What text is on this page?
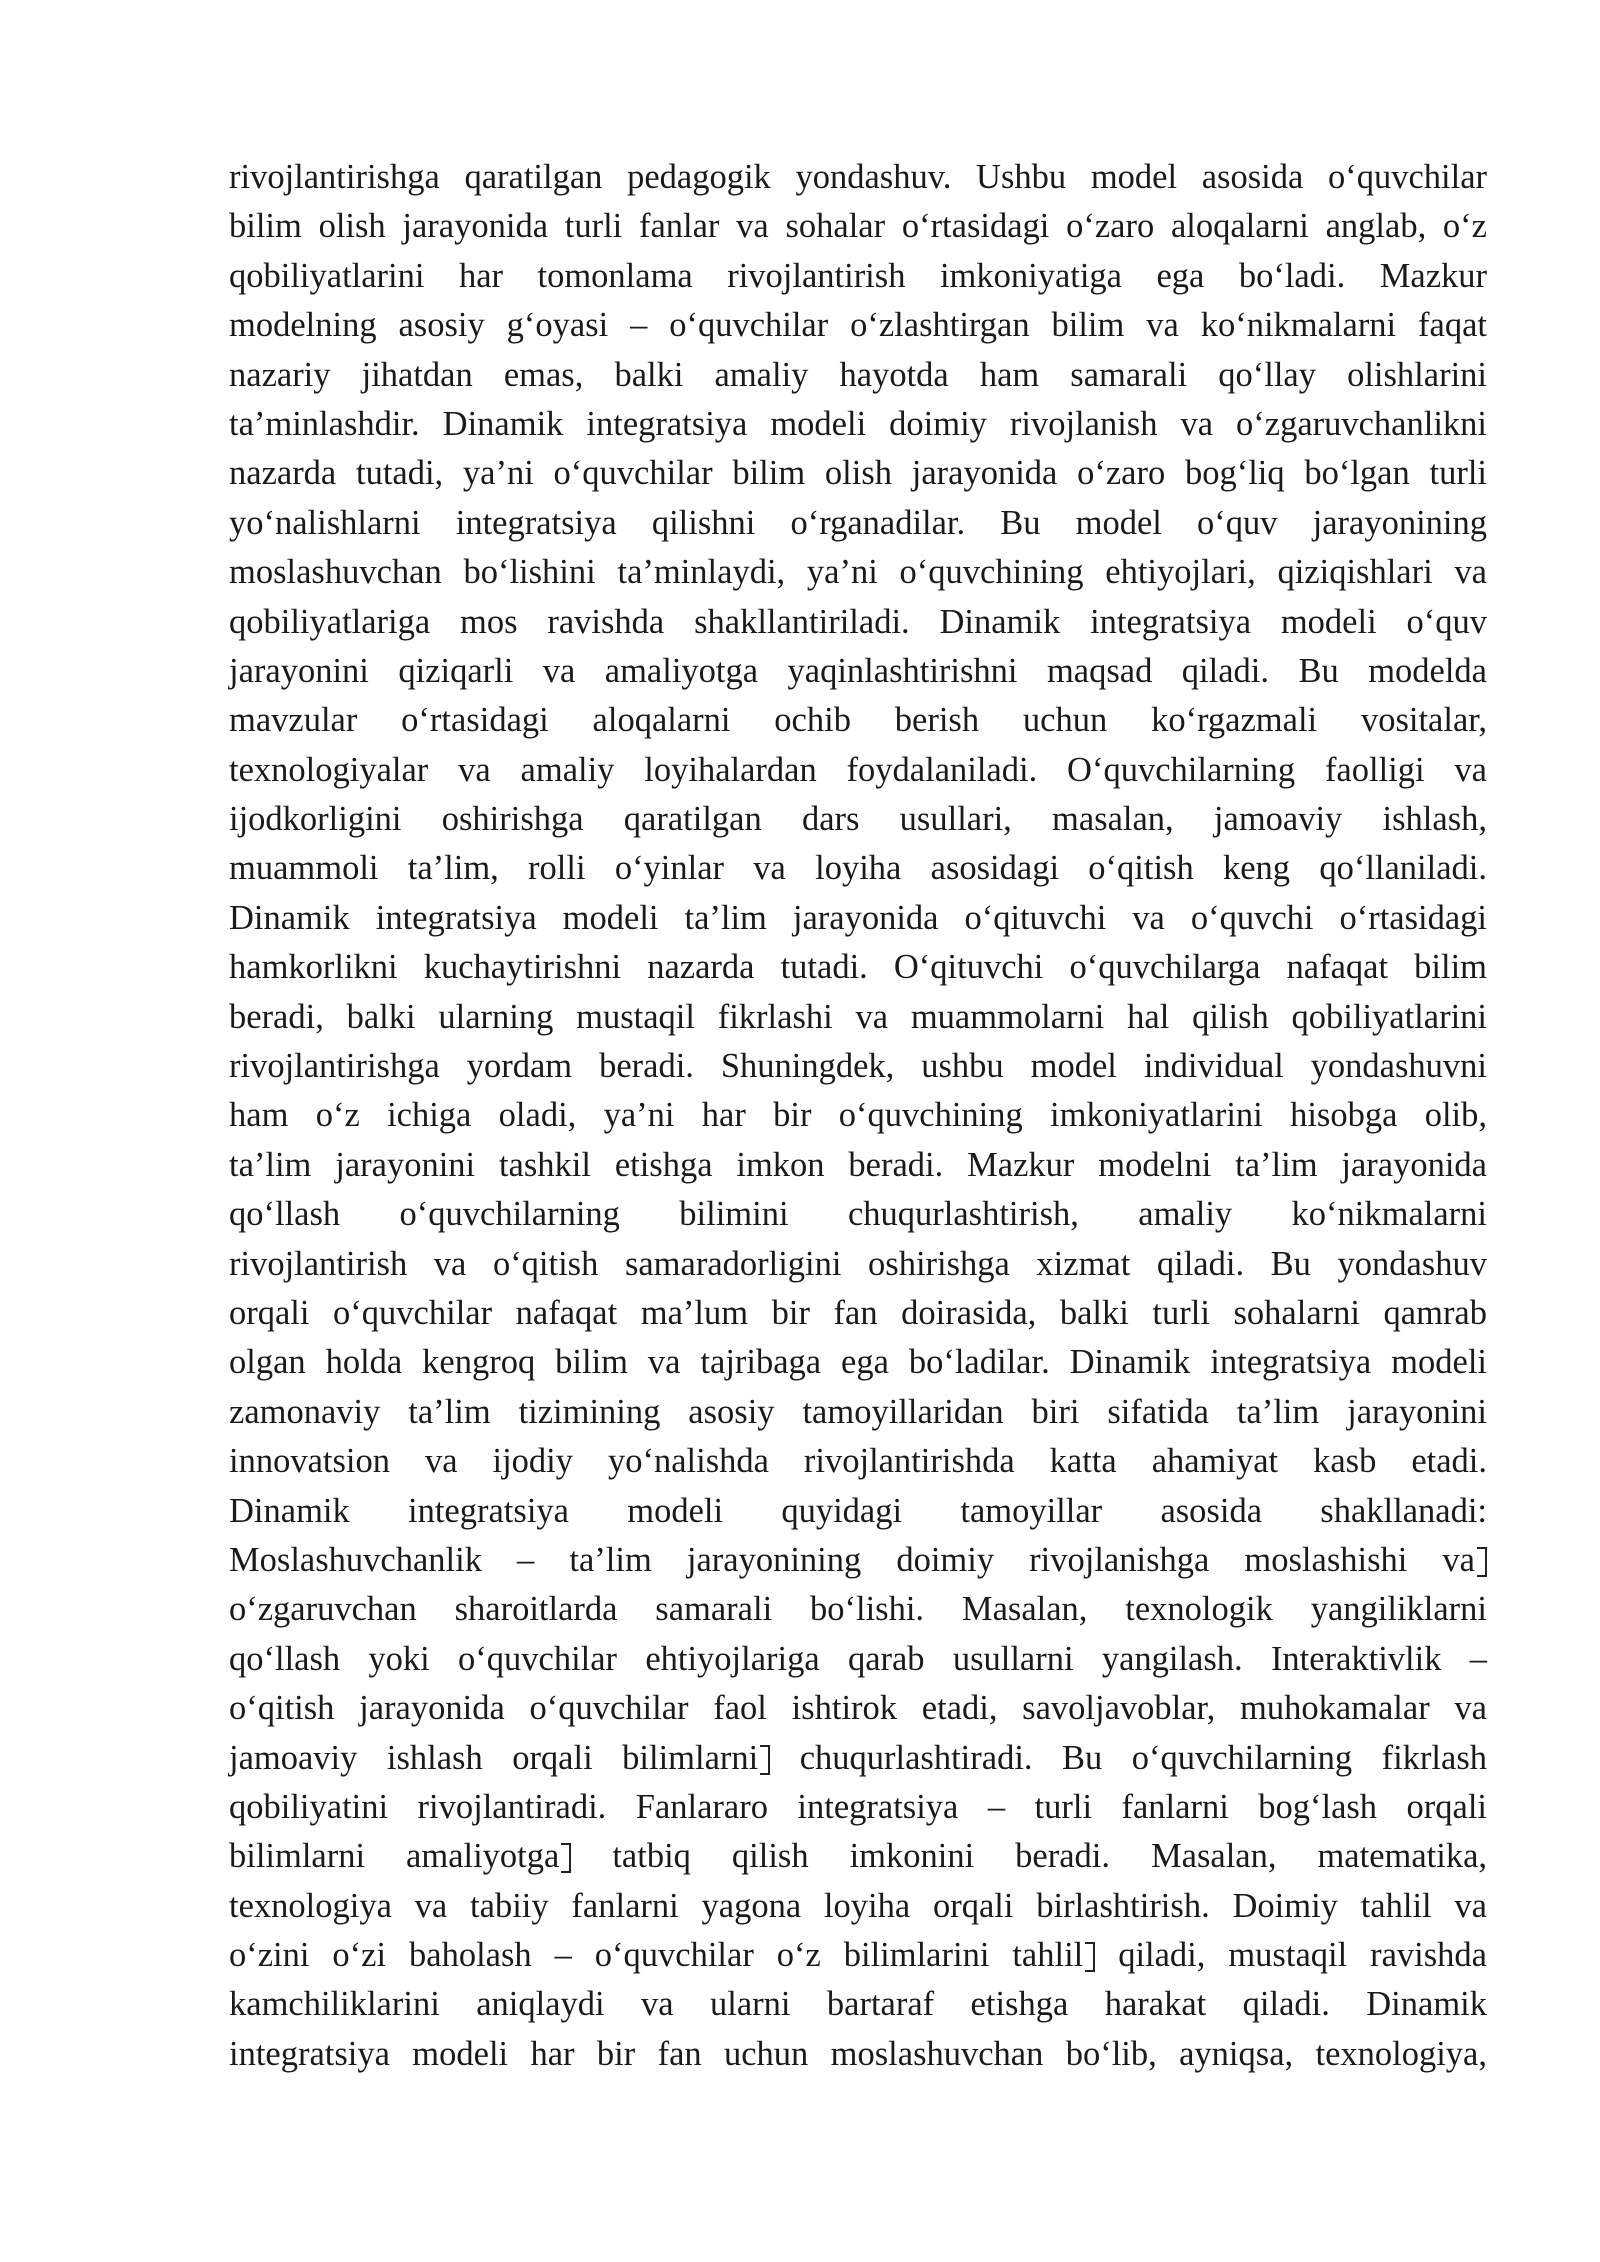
rivojlantirishga qaratilgan pedagogik yondashuv. Ushbu model asosida o‘quvchilar
bilim olish jarayonida turli fanlar va sohalar o‘rtasidagi o‘zaro aloqalarni anglab, o‘z
qobiliyatlarini har tomonlama rivojlantirish imkoniyatiga ega bo‘ladi. Mazkur
modelning asosiy g‘oyasi – o‘quvchilar o‘zlashtirgan bilim va ko‘nikmalarni faqat
nazariy jihatdan emas, balki amaliy hayotda ham samarali qo‘llay olishlarini
ta’minlashdir. Dinamik integratsiya modeli doimiy rivojlanish va o‘zgaruvchanlikni
nazarda tutadi, ya’ni o‘quvchilar bilim olish jarayonida o‘zaro bog‘liq bo‘lgan turli
yo‘nalishlarni integratsiya qilishni o‘rganadilar. Bu model o‘quv jarayonining
moslashuvchan bo‘lishini ta’minlaydi, ya’ni o‘quvchining ehtiyojlari, qiziqishlari va
qobiliyatlariga mos ravishda shakllantiriladi. Dinamik integratsiya modeli o‘quv
jarayonini qiziqarli va amaliyotga yaqinlashtirishni maqsad qiladi. Bu modelda
mavzular o‘rtasidagi aloqalarni ochib berish uchun ko‘rgazmali vositalar,
texnologiyalar va amaliy loyihalardan foydalaniladi. O‘quvchilarning faolligi va
ijodkorligini oshirishga qaratilgan dars usullari, masalan, jamoaviy ishlash,
muammoli ta’lim, rolli o‘yinlar va loyiha asosidagi o‘qitish keng qo‘llaniladi.
Dinamik integratsiya modeli ta’lim jarayonida o‘qituvchi va o‘quvchi o‘rtasidagi
hamkorlikni kuchaytirishni nazarda tutadi. O‘qituvchi o‘quvchilarga nafaqat bilim
beradi, balki ularning mustaqil fikrlashi va muammolarni hal qilish qobiliyatlarini
rivojlantirishga yordam beradi. Shuningdek, ushbu model individual yondashuvni
ham o‘z ichiga oladi, ya’ni har bir o‘quvchining imkoniyatlarini hisobga olib,
ta’lim jarayonini tashkil etishga imkon beradi. Mazkur modelni ta’lim jarayonida
qo‘llash o‘quvchilarning bilimini chuqurlashtirish, amaliy ko‘nikmalarni
rivojlantirish va o‘qitish samaradorligini oshirishga xizmat qiladi. Bu yondashuv
orqali o‘quvchilar nafaqat ma’lum bir fan doirasida, balki turli sohalarni qamrab
olgan holda kengroq bilim va tajribaga ega bo‘ladilar. Dinamik integratsiya modeli
zamonaviy ta’lim tizimining asosiy tamoyillaridan biri sifatida ta’lim jarayonini
innovatsion va ijodiy yo‘nalishda rivojlantirishda katta ahamiyat kasb etadi.
Dinamik integratsiya modeli quyidagi tamoyillar asosida shakllanadi:
Moslashuvchanlik – ta’lim jarayonining doimiy rivojlanishga moslashishi va
o‘zgaruvchan sharoitlarda samarali bo‘lishi. Masalan, texnologik yangiliklarni
qo‘llash yoki o‘quvchilar ehtiyojlariga qarab usullarni yangilash. Interaktivlik –
o‘qitish jarayonida o‘quvchilar faol ishtirok etadi, savoljavoblar, muhokamalar va
jamoaviy ishlash orqali bilimlarni chuqurlashtiradi. Bu o‘quvchilarning fikrlash
qobiliyatini rivojlantiradi. Fanlararo integratsiya – turli fanlarni bog‘lash orqali
bilimlarni amaliyotga tatbiq qilish imkonini beradi. Masalan, matematika,
texnologiya va tabiiy fanlarni yagona loyiha orqali birlashtirish. Doimiy tahlil va
o‘zini o‘zi baholash – o‘quvchilar o‘z bilimlarini tahlil qiladi, mustaqil ravishda
kamchiliklarini aniqlaydi va ularni bartaraf etishga harakat qiladi. Dinamik
integratsiya modeli har bir fan uchun moslashuvchan bo‘lib, ayniqsa, texnologiya,
